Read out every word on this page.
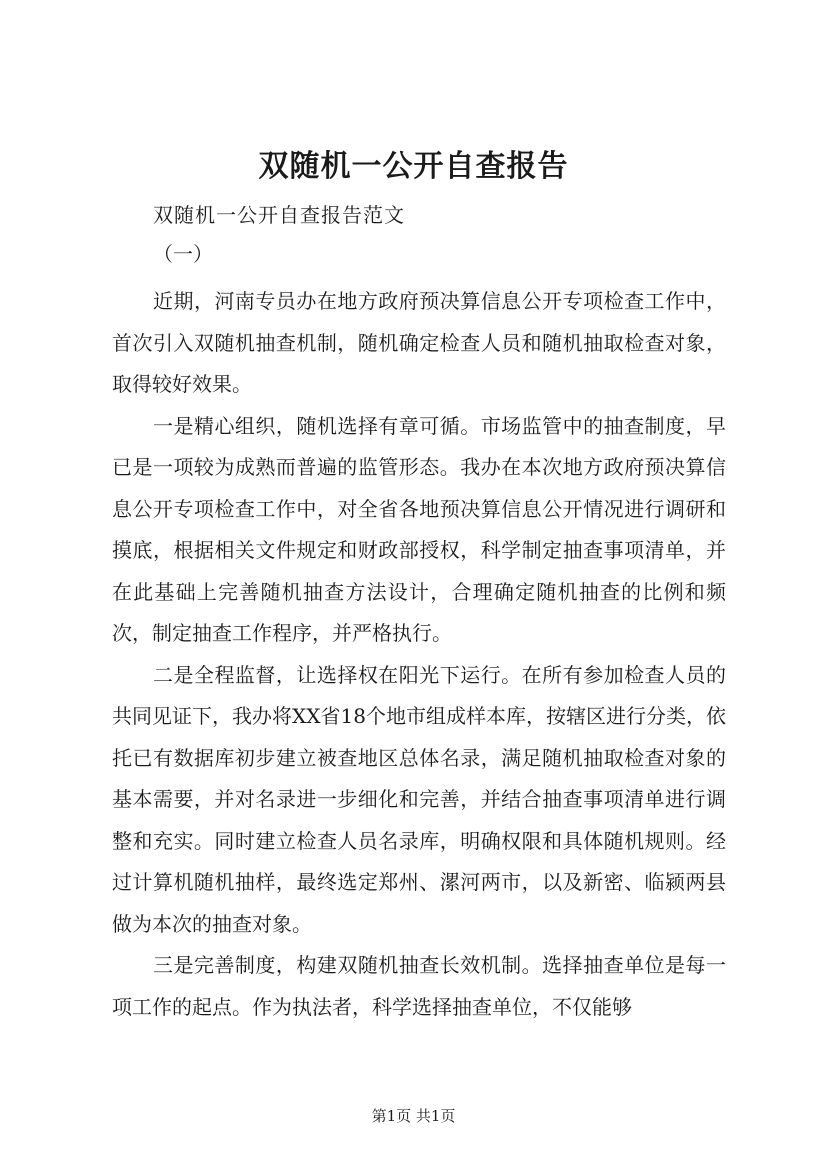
双随机一公开自查报告
双随机一公开自查报告范文
（一）

近期，河南专员办在地方政府预决算信息公开专项检查工作中，首次引入双随机抽查机制，随机确定检查人员和随机抽取检查对象，取得较好效果。

一是精心组织，随机选择有章可循。市场监管中的抽查制度，早已是一项较为成熟而普遍的监管形态。我办在本次地方政府预决算信息公开专项检查工作中，对全省各地预决算信息公开情况进行调研和摸底，根据相关文件规定和财政部授权，科学制定抽查事项清单，并在此基础上完善随机抽查方法设计，合理确定随机抽查的比例和频次，制定抽查工作程序，并严格执行。

二是全程监督，让选择权在阳光下运行。在所有参加检查人员的共同见证下，我办将XX省18个地市组成样本库，按辖区进行分类，依托已有数据库初步建立被查地区总体名录，满足随机抽取检查对象的基本需要，并对名录进一步细化和完善，并结合抽查事项清单进行调整和充实。同时建立检查人员名录库，明确权限和具体随机规则。经过计算机随机抽样，最终选定郑州、漯河两市，以及新密、临颍两县做为本次的抽查对象。

三是完善制度，构建双随机抽查长效机制。选择抽查单位是每一项工作的起点。作为执法者，科学选择抽查单位，不仅能够

第1页 共1页
